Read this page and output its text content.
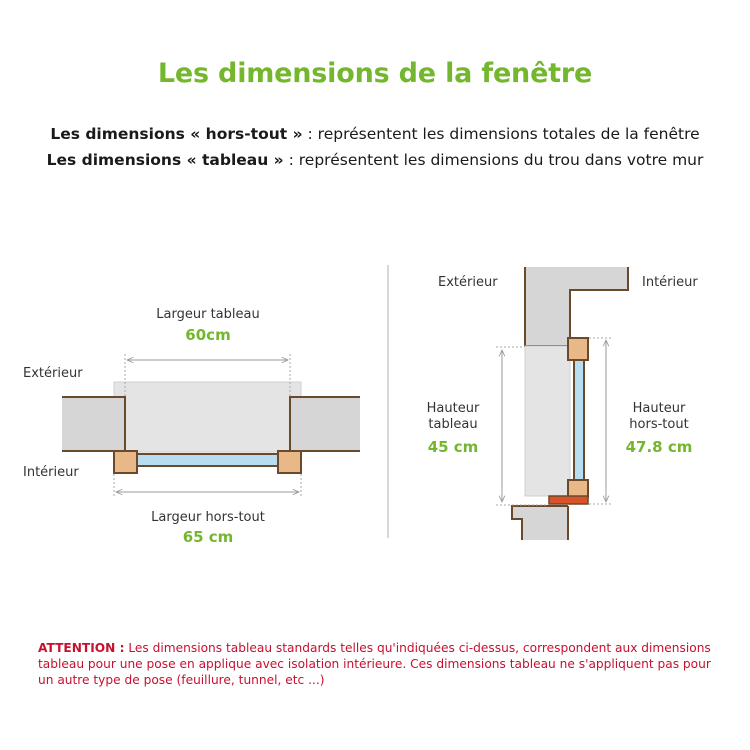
Les dimensions de la fenêtre
Les dimensions « hors-tout » : représentent les dimensions totales de la fenêtre
Les dimensions « tableau » : représentent les dimensions du trou dans votre mur
Largeur tableau
60cm
Largeur hors-tout
65 cm
Extérieur
Intérieur
Hauteur
tableau
45 cm
Hauteur
hors-tout
47.8 cm
Extérieur	Intérieur
ATTENTION : Les dimensions tableau standards telles qu'indiquées ci-dessus, correspondent aux dimensions tableau pour une pose en applique avec isolation intérieure. Ces dimensions tableau ne s'appliquent pas pour un autre type de pose (feuillure, tunnel, etc ...)
